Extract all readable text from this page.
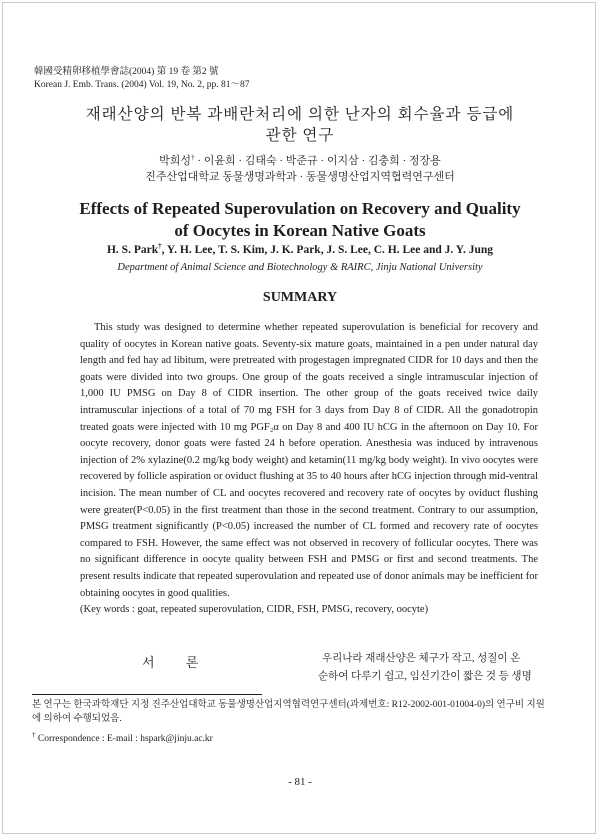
韓國受精卵移植學會誌(2004) 第 19 卷 第2 號
Korean J. Emb. Trans. (2004) Vol. 19, No. 2, pp. 81～87
재래산양의 반복 과배란처리에 의한 난자의 회수율과 등급에
관한 연구
박희성† · 이윤희 · 김태숙 · 박준규 · 이지삼 · 김충희 · 정장용
진주산업대학교 동물생명과학과 · 동물생명산업지역협력연구센터
Effects of Repeated Superovulation on Recovery and Quality
of Oocytes in Korean Native Goats
H. S. Park†, Y. H. Lee, T. S. Kim, J. K. Park, J. S. Lee, C. H. Lee and J. Y. Jung
Department of Animal Science and Biotechnology & RAIRC, Jinju National University
SUMMARY

This study was designed to determine whether repeated superovulation is beneficial for recovery and quality of oocytes in Korean native goats. Seventy-six mature goats, maintained in a pen under natural day length and fed hay ad libitum, were pretreated with progestagen impregnated CIDR for 10 days and then the goats were divided into two groups. One group of the goats received a single intramuscular injection of 1,000 IU PMSG on Day 8 of CIDR insertion. The other group of the goats received twice daily intramuscular injections of a total of 70 mg FSH for 3 days from Day 8 of CIDR. All the gonadotropin treated goats were injected with 10 mg PGF₂α on Day 8 and 400 IU hCG in the afternoon on Day 10. For oocyte recovery, donor goats were fasted 24 h before operation. Anesthesia was induced by intravenous injection of 2% xylazine(0.2 mg/kg body weight) and ketamin(11 mg/kg body weight). In vivo oocytes were recovered by follicle aspiration or oviduct flushing at 35 to 40 hours after hCG injection through mid-ventral incision. The mean number of CL and oocytes recovered and recovery rate of oocytes by oviduct flushing were greater(P<0.05) in the first treatment than those in the second treatment. Contrary to our assumption, PMSG treatment significantly (P<0.05) increased the number of CL formed and recovery rate of oocytes compared to FSH. However, the same effect was not observed in recovery of follicular oocytes. There was no significant difference in oocyte quality between FSH and PMSG or first and second treatments. The present results indicate that repeated superovulation and repeated use of donor animals may be inefficient for obtaining oocytes in good qualities.

(Key words : goat, repeated superovulation, CIDR, FSH, PMSG, recovery, oocyte)

서 론	우리나라 재래산양은 체구가 작고, 성질이 온
순하여 다루기 쉽고, 임신기간이 짧은 것 등 생명

본 연구는 한국과학재단 지정 진주산업대학교 동물생명산업지역협력연구센터(과제번호: R12-2002-001-01004-0)의 연구비 지원에 의하여 수행되었음.

† Correspondence : E-mail : hspark@jinju.ac.kr

- 81 -
